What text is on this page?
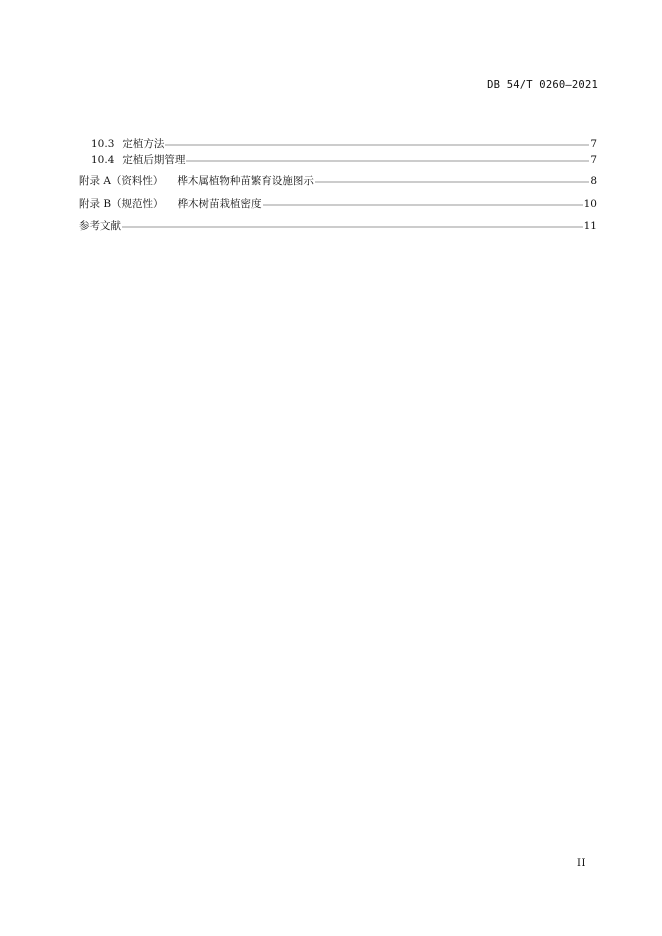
DB 54/T 0260—2021
10.3 定植方法	7
10.4 定植后期管理	7
附录 A（资料性） 桦木属植物种苗繁育设施图示	8
附录 B（规范性） 桦木树苗栽植密度	10
参考文献	11
II
